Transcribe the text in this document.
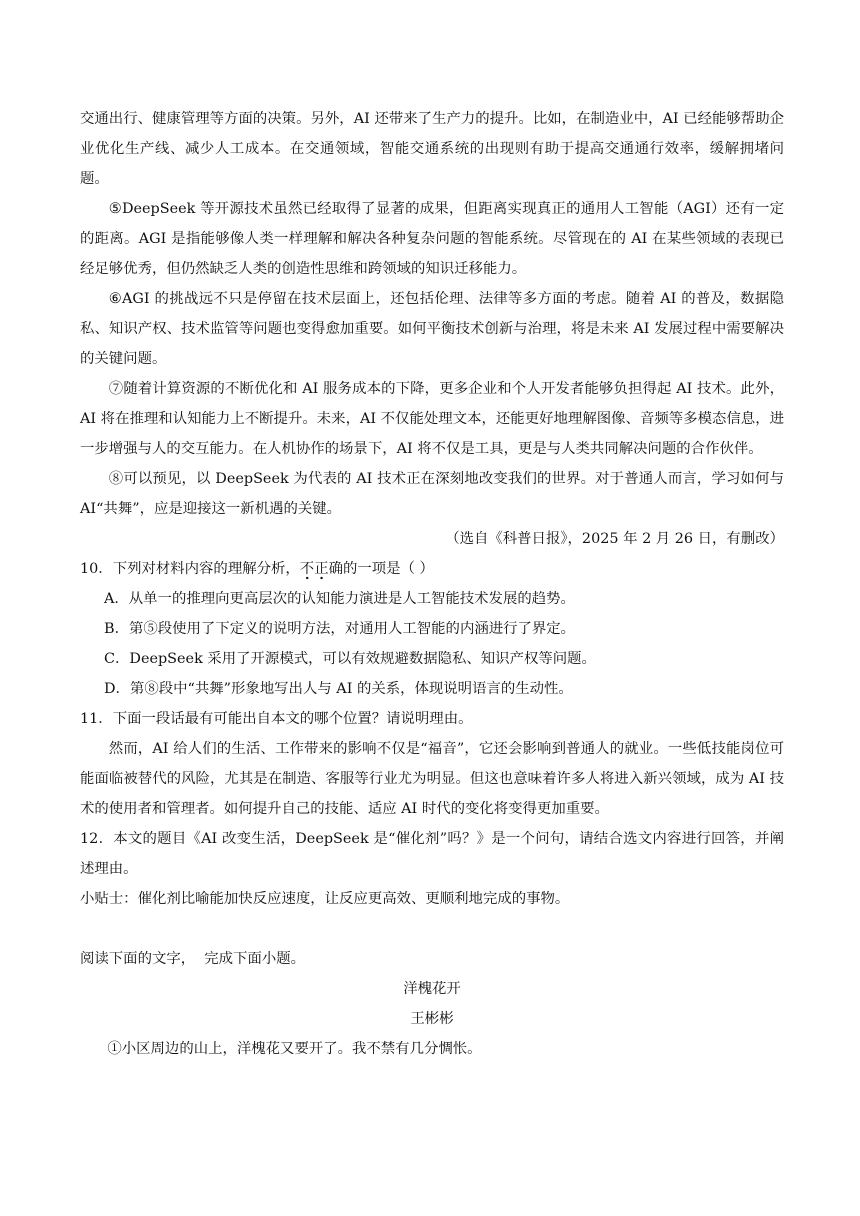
交通出行、健康管理等方面的决策。另外，AI 还带来了生产力的提升。比如，在制造业中，AI 已经能够帮助企业优化生产线、减少人工成本。在交通领域，智能交通系统的出现则有助于提高交通通行效率，缓解拥堵问题。

⑤DeepSeek 等开源技术虽然已经取得了显著的成果，但距离实现真正的通用人工智能（AGI）还有一定的距离。AGI 是指能够像人类一样理解和解决各种复杂问题的智能系统。尽管现在的 AI 在某些领域的表现已经足够优秀，但仍然缺乏人类的创造性思维和跨领域的知识迁移能力。

⑥AGI 的挑战远不只是停留在技术层面上，还包括伦理、法律等多方面的考虑。随着 AI 的普及，数据隐私、知识产权、技术监管等问题也变得愈加重要。如何平衡技术创新与治理，将是未来 AI 发展过程中需要解决的关键问题。

⑦随着计算资源的不断优化和 AI 服务成本的下降，更多企业和个人开发者能够负担得起 AI 技术。此外，AI 将在推理和认知能力上不断提升。未来，AI 不仅能处理文本，还能更好地理解图像、音频等多模态信息，进一步增强与人的交互能力。在人机协作的场景下，AI 将不仅是工具，更是与人类共同解决问题的合作伙伴。

⑧可以预见，以 DeepSeek 为代表的 AI 技术正在深刻地改变我们的世界。对于普通人而言，学习如何与 AI“共舞”，应是迎接这一新机遇的关键。

（选自《科普日报》，2025 年 2 月 26 日，有删改）

10．下列对材料内容的理解分析，不正确的一项是（ ）

A．从单一的推理向更高层次的认知能力演进是人工智能技术发展的趋势。

B．第⑤段使用了下定义的说明方法，对通用人工智能的内涵进行了界定。

C．DeepSeek 采用了开源模式，可以有效规避数据隐私、知识产权等问题。

D．第⑧段中“共舞”形象地写出人与 AI 的关系，体现说明语言的生动性。

11．下面一段话最有可能出自本文的哪个位置？请说明理由。

然而，AI 给人们的生活、工作带来的影响不仅是“福音”，它还会影响到普通人的就业。一些低技能岗位可能面临被替代的风险，尤其是在制造、客服等行业尤为明显。但这也意味着许多人将进入新兴领域，成为 AI 技术的使用者和管理者。如何提升自己的技能、适应 AI 时代的变化将变得更加重要。

12．本文的题目《AI 改变生活，DeepSeek 是“催化剂”吗？》是一个问句，请结合选文内容进行回答，并阐述理由。

小贴士：催化剂比喻能加快反应速度，让反应更高效、更顺利地完成的事物。

阅读下面的文字，  完成下面小题。

洋槐花开

王彬彬

①小区周边的山上，洋槐花又要开了。我不禁有几分惆怅。
